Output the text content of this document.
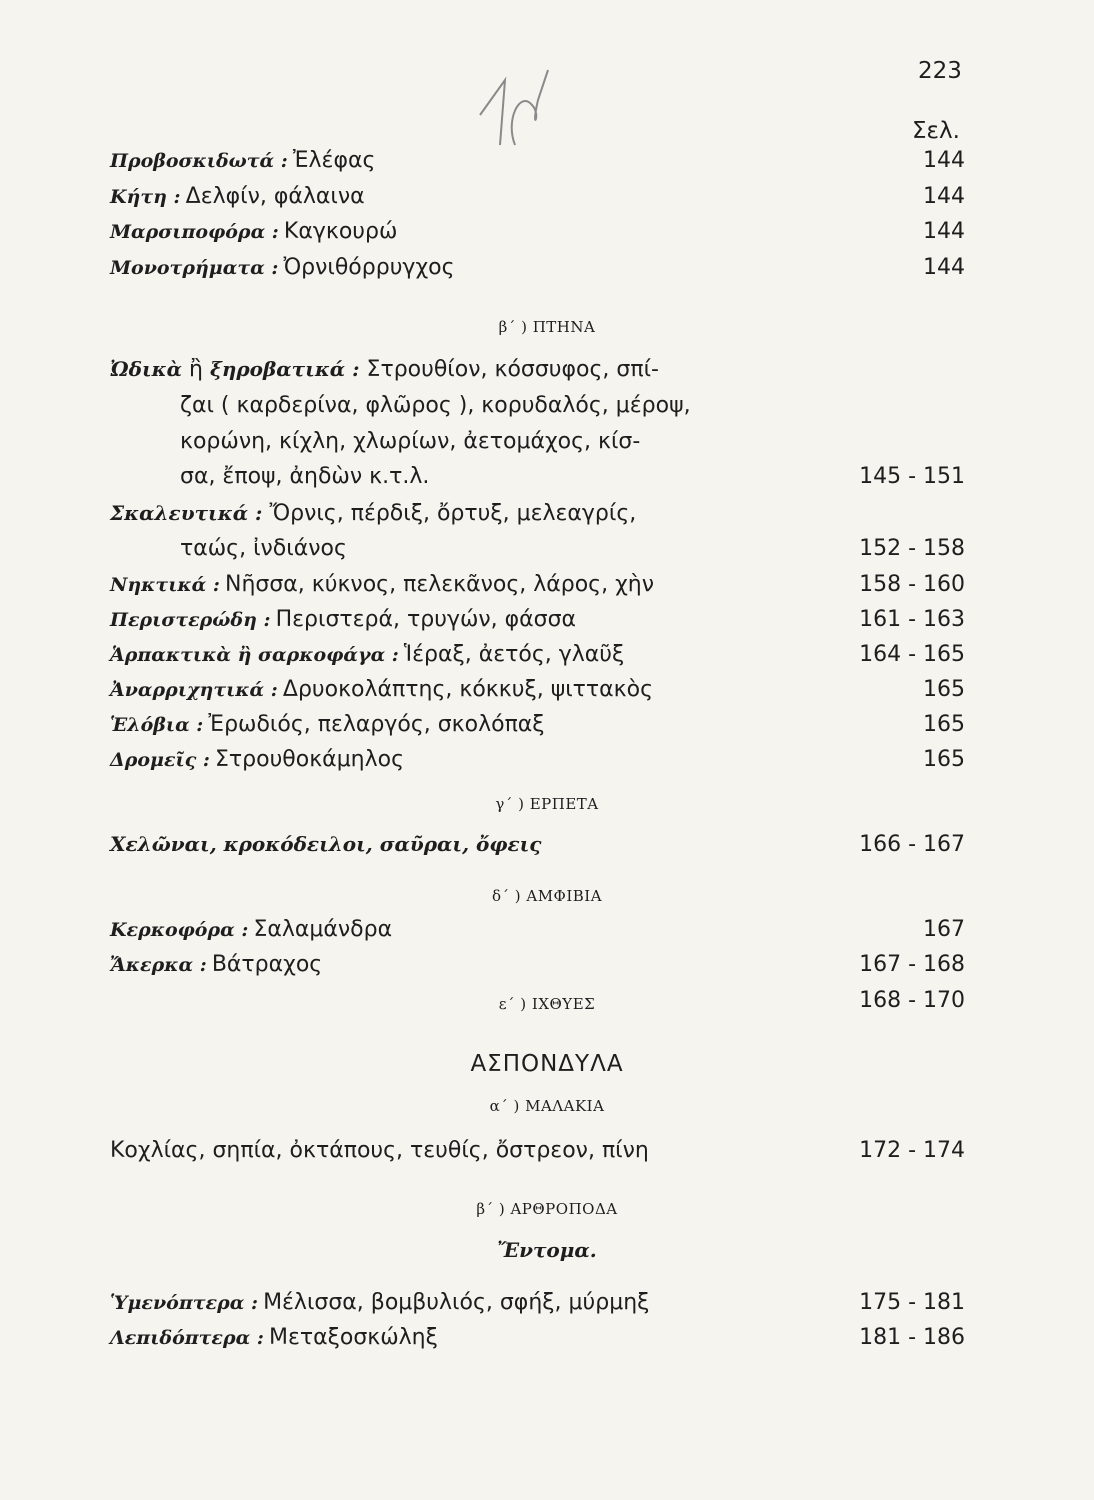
223
Σελ.
Προβοσκιδωτά : Ἐλέφας	144
Κήτη : Δελφίν, φάλαινα	144
Μαρσιποφόρα : Καγκουρώ	144
Μονοτρήματα : Ὀρνιθόρρυγχος	144
β΄ ) ΠΤΗΝΑ
Ὠδικὰ ἢ ξηροβατικά : Στρουθίον, κόσσυφος, σπί-
ζαι ( καρδερίνα, φλῶρος ), κορυδαλός, μέροψ,
κορώνη, κίχλη, χλωρίων, ἀετομάχος, κίσ-
σα, ἔποψ, ἀηδὼν κ.τ.λ.	145 - 151
Σκαλευτικά : Ὄρνις, πέρδιξ, ὄρτυξ, μελεαγρίς,
ταώς, ἰνδιάνος	152 - 158
Νηκτικά : Νῆσσα, κύκνος, πελεκᾶνος, λάρος, χὴν	158 - 160
Περιστερώδη : Περιστερά, τρυγών, φάσσα	161 - 163
Ἁρπακτικὰ ἢ σαρκοφάγα : Ἱέραξ, ἀετός, γλαῦξ	164 - 165
Ἀναρριχητικά : Δρυοκολάπτης, κόκκυξ, ψιττακὸς	165
Ἑλόβια : Ἐρωδιός, πελαργός, σκολόπαξ	165
Δρομεῖς : Στρουθοκάμηλος	165
γ΄ ) ΕΡΠΕΤΑ
Χελῶναι, κροκόδειλοι, σαῦραι, ὄφεις	166 - 167
δ΄ ) ΑΜΦΙΒΙΑ
Κερκοφόρα : Σαλαμάνδρα	167
Ἄκερκα : Βάτραχος	167 - 168
ε΄ ) ΙΧΘΥΕΣ	168 - 170
ΑΣΠΟΝΔΥΛΑ
α΄ ) ΜΑΛΑΚΙΑ
Κοχλίας, σηπία, ὀκτάπους, τευθίς, ὄστρεον, πίνη	172 - 174
β΄ ) ΑΡΘΡΟΠΟΔΑ
Ἔντομα.
Ὑμενόπτερα : Μέλισσα, βομβυλιός, σφήξ, μύρμηξ	175 - 181
Λεπιδόπτερα : Μεταξοσκώληξ	181 - 186
